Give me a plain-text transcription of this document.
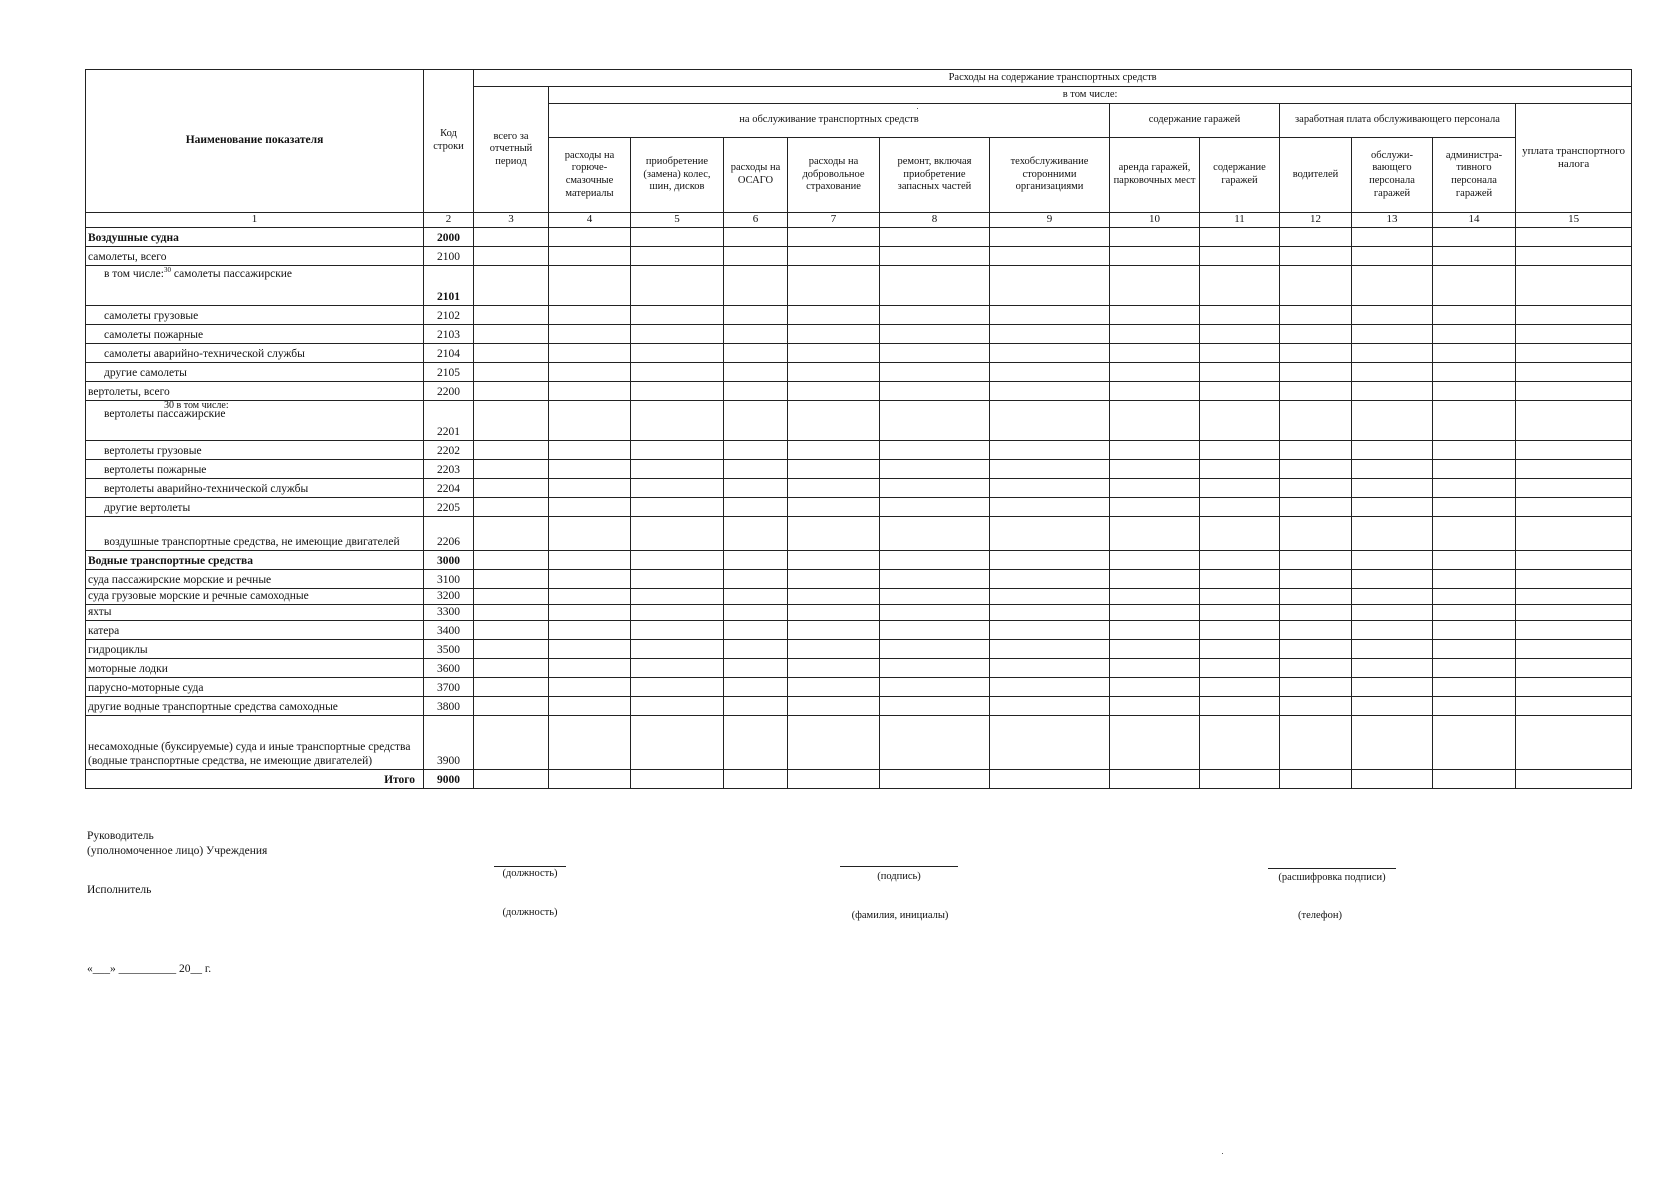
Наименование показателя	Код строки	Расходы на содержание транспортных средств												
		всего за отчетный период	в том числе:											
			на обслуживание транспортных средств						содержание гаражей		заработная плата обслуживающего персонала			уплата транспортного налога
			расходы на горюче-смазочные материалы	приобретение (замена) колес, шин, дисков	расходы на ОСАГО	расходы на добровольное страхование	ремонт, включая приобретение запасных частей	техобслуживание сторонними организациями	аренда гаражей, парковочных мест	содержание гаражей	водителей	обслужи-вающего персонала гаражей	администра-тивного персонала гаражей	
1	2	3	4	5	6	7	8	9	10	11	12	13	14	15
Воздушные судна	2000													
самолеты, всего	2100													
в том числе:$^{30}$ самолеты пассажирские	2101													
самолеты грузовые	2102													
самолеты пожарные	2103													
самолеты аварийно-технической службы	2104													
другие самолеты	2105													
вертолеты, всего	2200													

30 в том числе:
вертолеты пассажирские	2201													
вертолеты грузовые	2202													
вертолеты пожарные	2203													
вертолеты аварийно-технической службы	2204													
другие вертолеты	2205													
воздушные транспортные средства, не имеющие двигателей	2206													
Водные транспортные средства	3000													
суда пассажирские морские и речные	3100													
суда грузовые морские и речные самоходные	3200													
яхты	3300													
катера	3400													
гидроциклы	3500													
моторные лодки	3600													
парусно-моторные суда	3700													
другие водные транспортные средства самоходные	3800													
несамоходные (буксируемые) суда и иные транспортные средства (водные транспортные средства, не имеющие двигателей)	3900													
Итого	9000													
Руководитель
(уполномоченное лицо) Учреждения
(должность)	(подпись)	(расшифровка подписи)
Исполнитель
(должность)	(фамилия, инициалы)	(телефон)
«___» __________ 20__ г.
